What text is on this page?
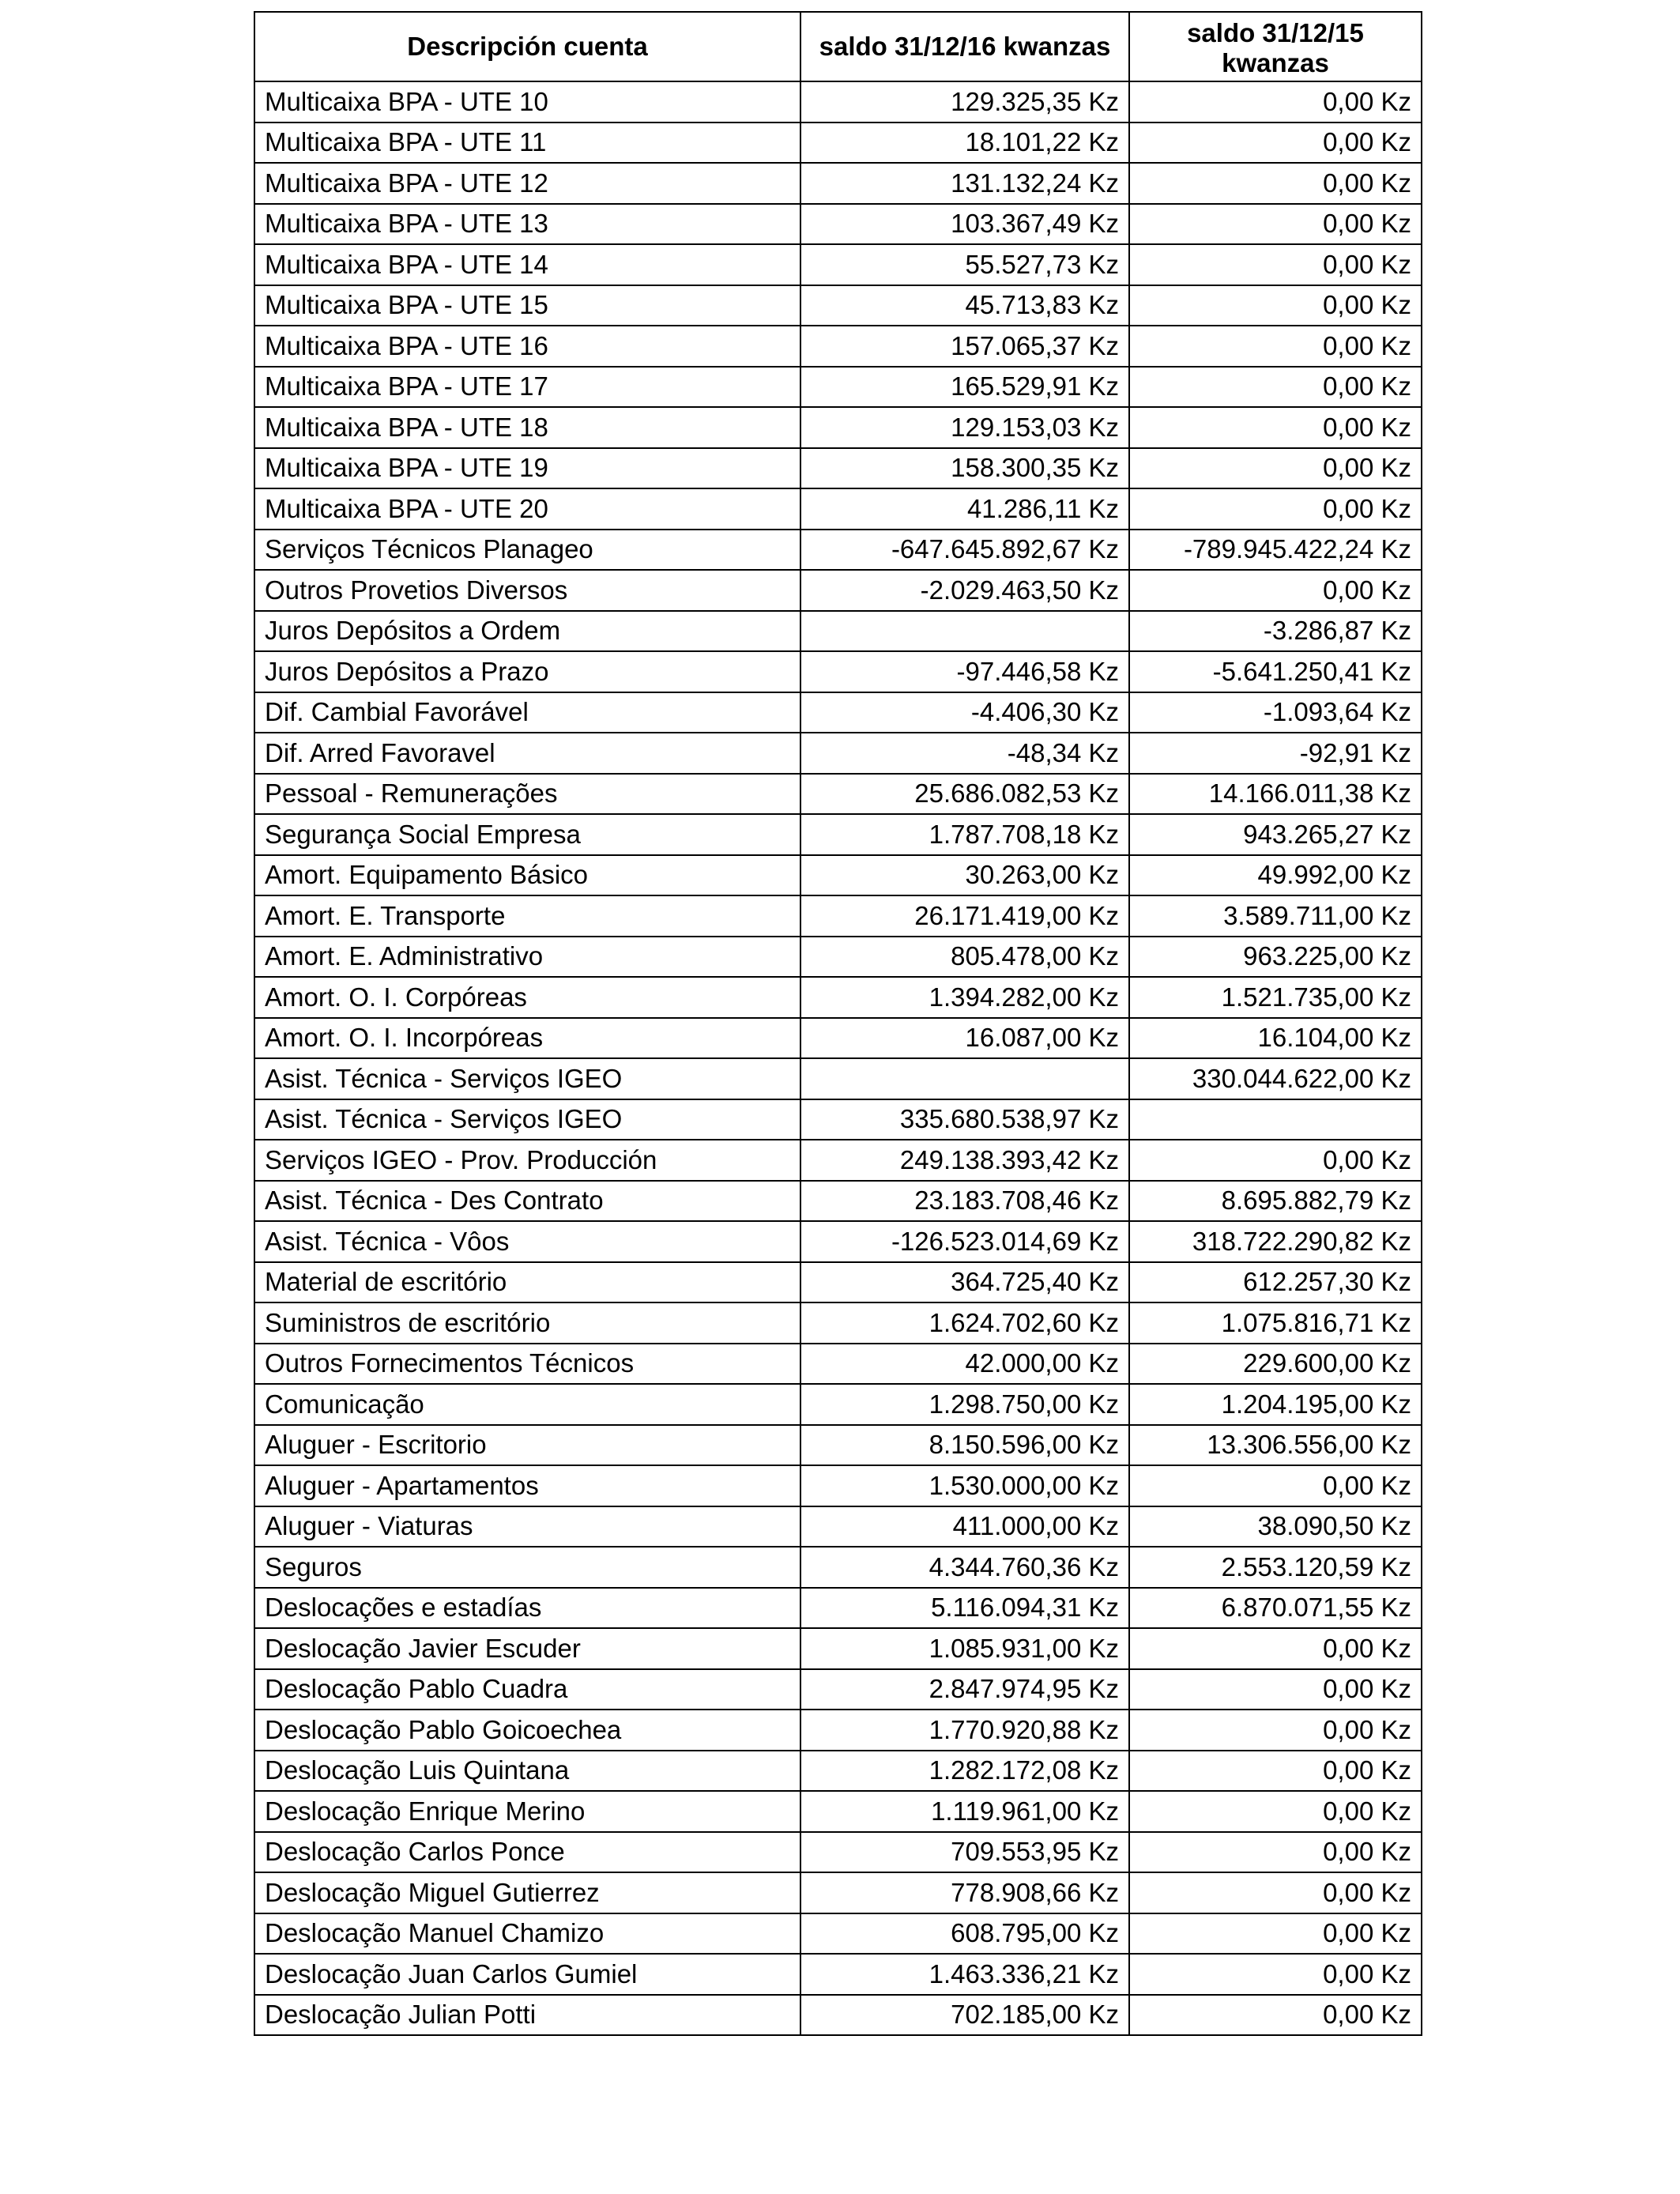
Descripción cuenta	saldo 31/12/16 kwanzas	saldo 31/12/15
kwanzas
Multicaixa BPA - UTE 10	129.325,35 Kz	0,00 Kz
Multicaixa BPA - UTE 11	18.101,22 Kz	0,00 Kz
Multicaixa BPA - UTE 12	131.132,24 Kz	0,00 Kz
Multicaixa BPA - UTE 13	103.367,49 Kz	0,00 Kz
Multicaixa BPA - UTE 14	55.527,73 Kz	0,00 Kz
Multicaixa BPA - UTE 15	45.713,83 Kz	0,00 Kz
Multicaixa BPA - UTE 16	157.065,37 Kz	0,00 Kz
Multicaixa BPA - UTE 17	165.529,91 Kz	0,00 Kz
Multicaixa BPA - UTE 18	129.153,03 Kz	0,00 Kz
Multicaixa BPA - UTE 19	158.300,35 Kz	0,00 Kz
Multicaixa BPA - UTE 20	41.286,11 Kz	0,00 Kz
Serviços Técnicos Planageo	-647.645.892,67 Kz	-789.945.422,24 Kz
Outros Provetios Diversos	-2.029.463,50 Kz	0,00 Kz
Juros Depósitos a Ordem		-3.286,87 Kz
Juros Depósitos a Prazo	-97.446,58 Kz	-5.641.250,41 Kz
Dif. Cambial Favorável	-4.406,30 Kz	-1.093,64 Kz
Dif. Arred Favoravel	-48,34 Kz	-92,91 Kz
Pessoal - Remunerações	25.686.082,53 Kz	14.166.011,38 Kz
Segurança Social Empresa	1.787.708,18 Kz	943.265,27 Kz
Amort. Equipamento Básico	30.263,00 Kz	49.992,00 Kz
Amort. E. Transporte	26.171.419,00 Kz	3.589.711,00 Kz
Amort. E. Administrativo	805.478,00 Kz	963.225,00 Kz
Amort. O. I. Corpóreas	1.394.282,00 Kz	1.521.735,00 Kz
Amort. O. I. Incorpóreas	16.087,00 Kz	16.104,00 Kz
Asist. Técnica - Serviços IGEO		330.044.622,00 Kz
Asist. Técnica - Serviços IGEO	335.680.538,97 Kz	
Serviços IGEO - Prov. Producción	249.138.393,42 Kz	0,00 Kz
Asist. Técnica - Des Contrato	23.183.708,46 Kz	8.695.882,79 Kz
Asist. Técnica - Vôos	-126.523.014,69 Kz	318.722.290,82 Kz
Material de escritório	364.725,40 Kz	612.257,30 Kz
Suministros de escritório	1.624.702,60 Kz	1.075.816,71 Kz
Outros Fornecimentos Técnicos	42.000,00 Kz	229.600,00 Kz
Comunicação	1.298.750,00 Kz	1.204.195,00 Kz
Aluguer - Escritorio	8.150.596,00 Kz	13.306.556,00 Kz
Aluguer - Apartamentos	1.530.000,00 Kz	0,00 Kz
Aluguer - Viaturas	411.000,00 Kz	38.090,50 Kz
Seguros	4.344.760,36 Kz	2.553.120,59 Kz
Deslocações e estadías	5.116.094,31 Kz	6.870.071,55 Kz
Deslocação Javier Escuder	1.085.931,00 Kz	0,00 Kz
Deslocação Pablo Cuadra	2.847.974,95 Kz	0,00 Kz
Deslocação Pablo Goicoechea	1.770.920,88 Kz	0,00 Kz
Deslocação Luis Quintana	1.282.172,08 Kz	0,00 Kz
Deslocação Enrique Merino	1.119.961,00 Kz	0,00 Kz
Deslocação Carlos Ponce	709.553,95 Kz	0,00 Kz
Deslocação Miguel Gutierrez	778.908,66 Kz	0,00 Kz
Deslocação Manuel Chamizo	608.795,00 Kz	0,00 Kz
Deslocação Juan Carlos Gumiel	1.463.336,21 Kz	0,00 Kz
Deslocação Julian Potti	702.185,00 Kz	0,00 Kz
